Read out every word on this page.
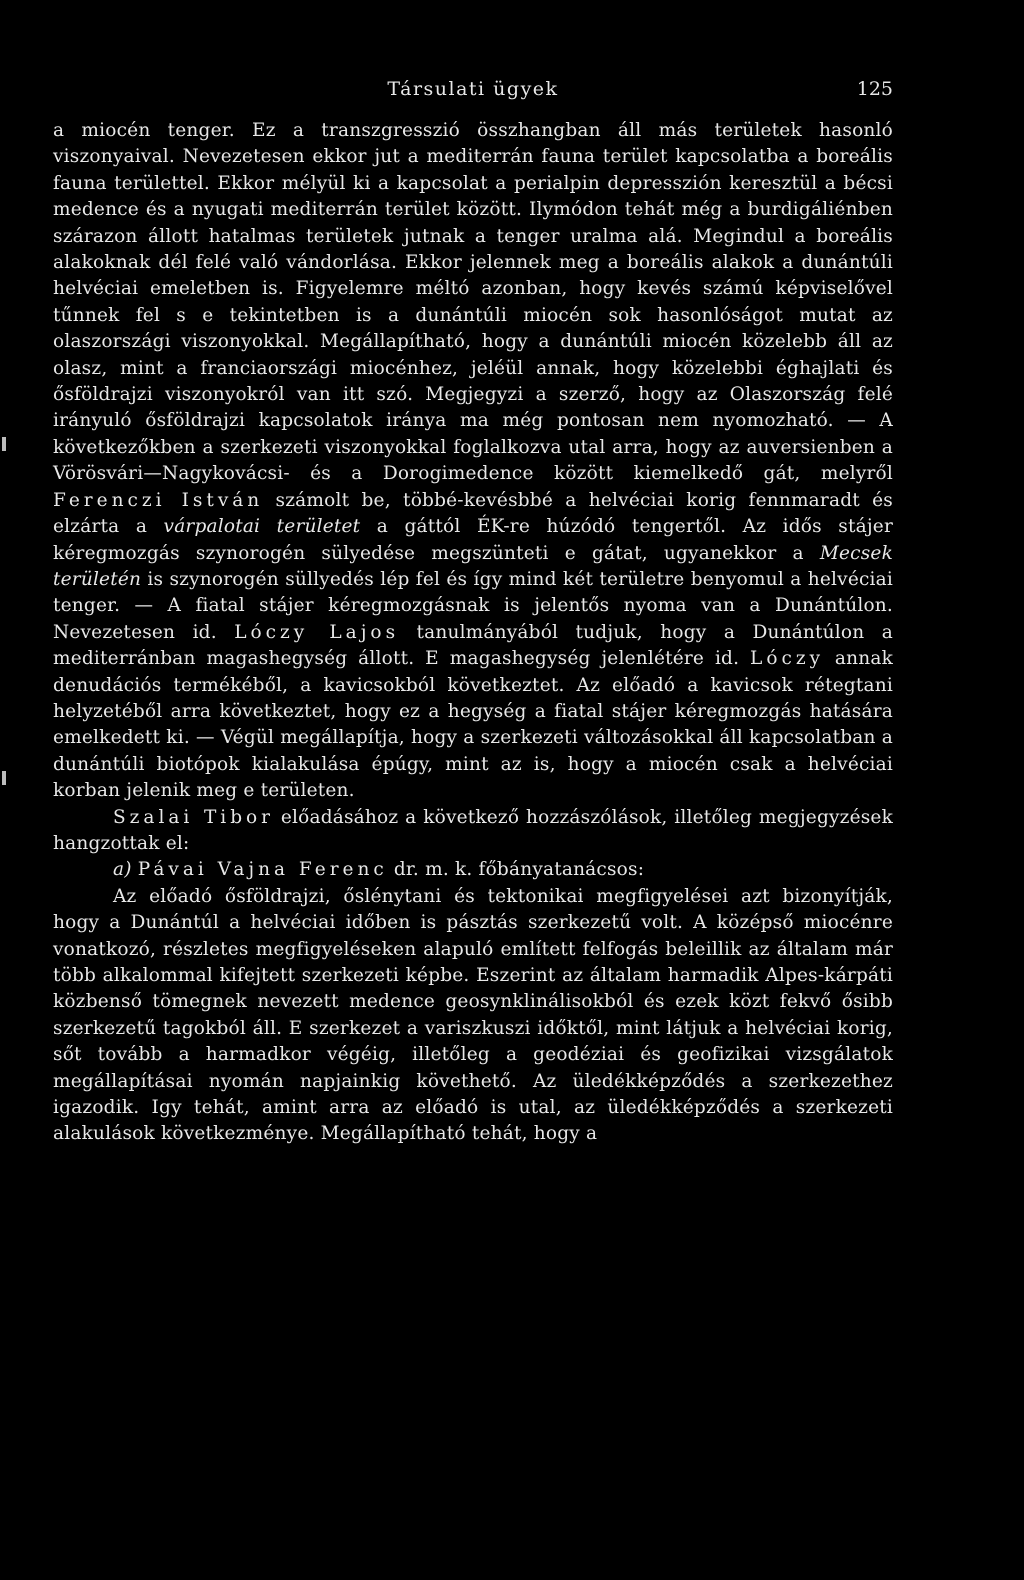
Társulati ügyek	125

a miocén tenger. Ez a transzgresszió összhangban áll más területek hasonló viszonyaival. Nevezetesen ekkor jut a mediterrán fauna terület kapcsolatba a boreális fauna területtel. Ekkor mélyül ki a kapcsolat a perialpin depresszión keresztül a bécsi medence és a nyugati mediterrán terület között. Ilymódon tehát még a burdigáliénben szárazon állott hatalmas területek jutnak a tenger uralma alá. Megindul a boreális alakoknak dél felé való vándorlása. Ekkor jelennek meg a boreális alakok a dunántúli helvéciai emeletben is. Figyelemre méltó azonban, hogy kevés számú képviselővel tűnnek fel s e tekintetben is a dunántúli miocén sok hasonlóságot mutat az olaszországi viszonyokkal. Megállapítható, hogy a dunántúli miocén közelebb áll az olasz, mint a franciaországi miocénhez, jeléül annak, hogy közelebbi éghajlati és ősföldrajzi viszonyokról van itt szó. Megjegyzi a szerző, hogy az Olaszország felé irányuló ősföldrajzi kapcsolatok iránya ma még pontosan nem nyomozható. — A következőkben a szerkezeti viszonyokkal foglalkozva utal arra, hogy az auversienben a Vörösvári—Nagykovácsi- és a Dorogimedence között kiemelkedő gát, melyről Ferenczi István számolt be, többé-kevésbbé a helvéciai korig fennmaradt és elzárta a várpalotai területet a gáttól ÉK-re húzódó tengertől. Az idős stájer kéregmozgás szynorogén sülyedése megszünteti e gátat, ugyanekkor a Mecsek területén is szynorogén süllyedés lép fel és így mind két területre benyomul a helvéciai tenger. — A fiatal stájer kéregmozgásnak is jelentős nyoma van a Dunántúlon. Nevezetesen id. Lóczy Lajos tanulmányából tudjuk, hogy a Dunántúlon a mediterránban magashegység állott. E magashegység jelenlétére id. Lóczy annak denudációs termékéből, a kavicsokból következtet. Az előadó a kavicsok rétegtani helyzetéből arra következtet, hogy ez a hegység a fiatal stájer kéregmozgás hatására emelkedett ki. — Végül megállapítja, hogy a szerkezeti változásokkal áll kapcsolatban a dunántúli biotópok kialakulása épúgy, mint az is, hogy a miocén csak a helvéciai korban jelenik meg e területen.

Szalai Tibor előadásához a következő hozzászólások, illetőleg megjegyzések hangzottak el:

a) Pávai Vajna Ferenc dr. m. k. főbányatanácsos:

Az előadó ősföldrajzi, őslénytani és tektonikai megfigyelései azt bizonyítják, hogy a Dunántúl a helvéciai időben is pásztás szerkezetű volt. A középső miocénre vonatkozó, részletes megfigyeléseken alapuló említett felfogás beleillik az általam már több alkalommal kifejtett szerkezeti képbe. Eszerint az általam harmadik Alpes-kárpáti közbenső tömegnek nevezett medence geosynklinálisokból és ezek közt fekvő ősibb szerkezetű tagokból áll. E szerkezet a variszkuszi időktől, mint látjuk a helvéciai korig, sőt tovább a harmadkor végéig, illetőleg a geodéziai és geofizikai vizsgálatok megállapításai nyomán napjainkig követhető. Az üledékképződés a szerkezethez igazodik. Igy tehát, amint arra az előadó is utal, az üledékképződés a szerkezeti alakulások következménye. Megállapítható tehát, hogy a
